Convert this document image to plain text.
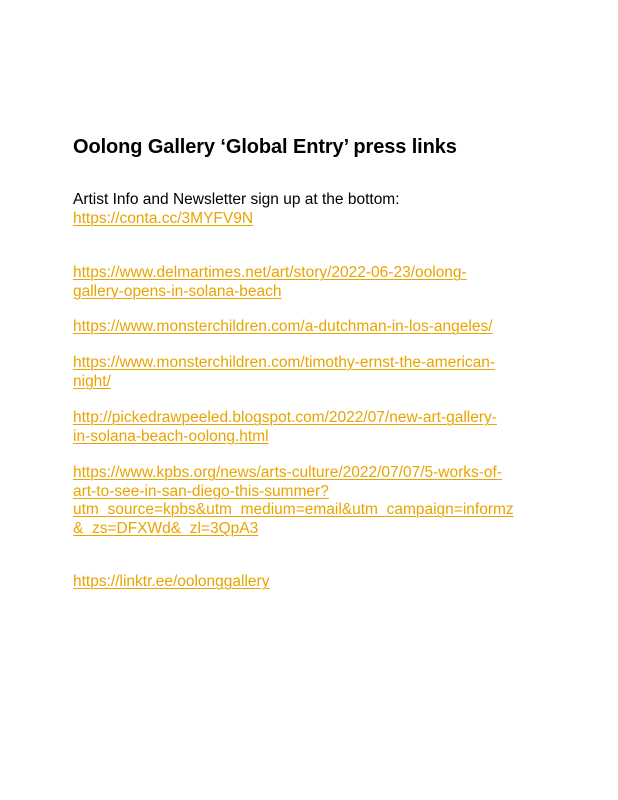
Oolong Gallery ‘Global Entry’ press links
Artist Info and Newsletter sign up at the bottom:
https://conta.cc/3MYFV9N
https://www.delmartimes.net/art/story/2022-06-23/oolong-
gallery-opens-in-solana-beach
https://www.monsterchildren.com/a-dutchman-in-los-angeles/
https://www.monsterchildren.com/timothy-ernst-the-american-
night/
http://pickedrawpeeled.blogspot.com/2022/07/new-art-gallery-
in-solana-beach-oolong.html
https://www.kpbs.org/news/arts-culture/2022/07/07/5-works-of-
art-to-see-in-san-diego-this-summer?
utm_source=kpbs&utm_medium=email&utm_campaign=informz
&_zs=DFXWd&_zl=3QpA3
https://linktr.ee/oolonggallery
